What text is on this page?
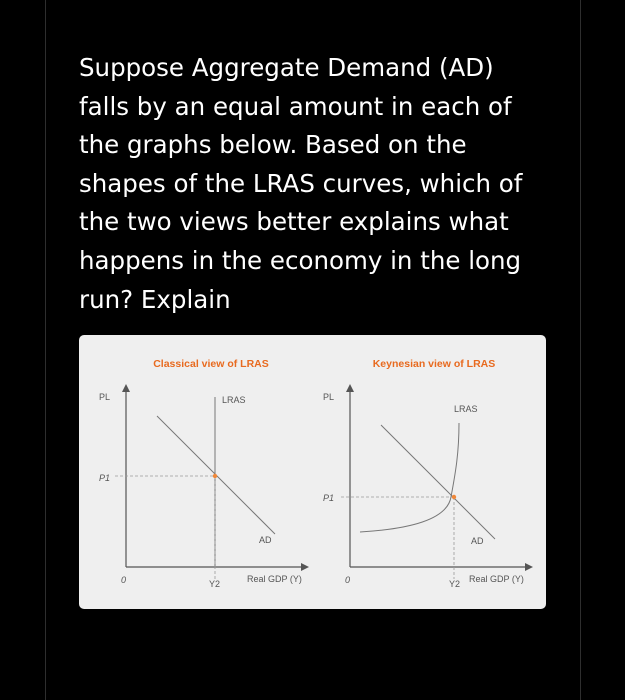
Suppose Aggregate Demand (AD)
falls by an equal amount in each of
the graphs below. Based on the
shapes of the LRAS curves, which of
the two views better explains what
happens in the economy in the long
run? Explain

Classical view of LRAS
PL
P1
0	Y2	Real GDP (Y)
LRAS
AD
Keynesian view of LRAS
PL
P1
0	Y2 Real GDP (Y)
LRAS
AD
